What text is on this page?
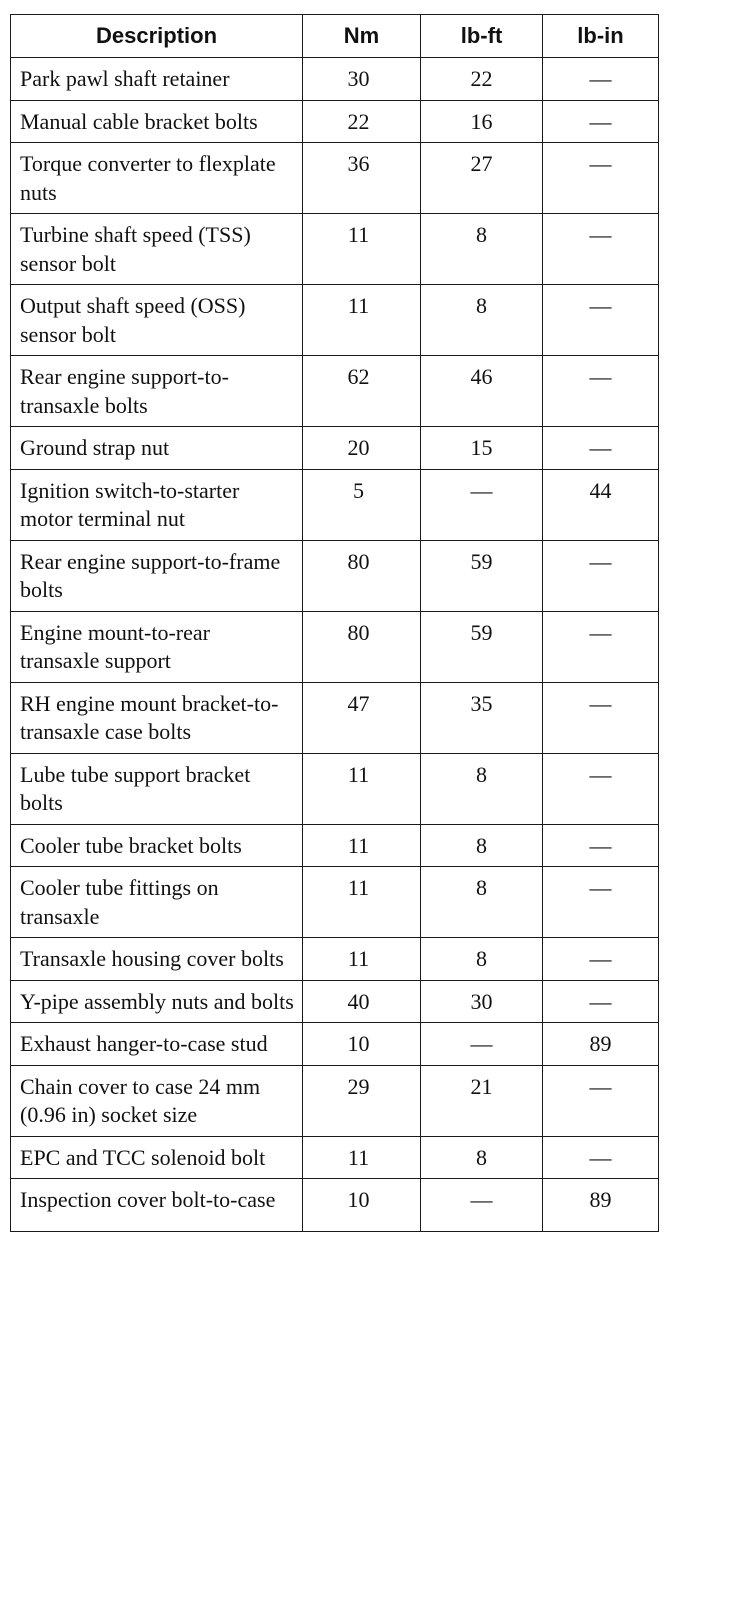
Description	Nm	lb-ft	lb-in
Park pawl shaft retainer	30	22	—
Manual cable bracket bolts	22	16	—
Torque converter to flexplate nuts	36	27	—
Turbine shaft speed (TSS) sensor bolt	11	8	—
Output shaft speed (OSS) sensor bolt	11	8	—
Rear engine support-to-transaxle bolts	62	46	—
Ground strap nut	20	15	—
Ignition switch-to-starter motor terminal nut	5	—	44
Rear engine support-to-frame bolts	80	59	—
Engine mount-to-rear transaxle support	80	59	—
RH engine mount bracket-to-transaxle case bolts	47	35	—
Lube tube support bracket bolts	11	8	—
Cooler tube bracket bolts	11	8	—
Cooler tube fittings on transaxle	11	8	—
Transaxle housing cover bolts	11	8	—
Y-pipe assembly nuts and bolts	40	30	—
Exhaust hanger-to-case stud	10	—	89
Chain cover to case 24 mm (0.96 in) socket size	29	21	—
EPC and TCC solenoid bolt	11	8	—
Inspection cover bolt-to-case	10	—	89
